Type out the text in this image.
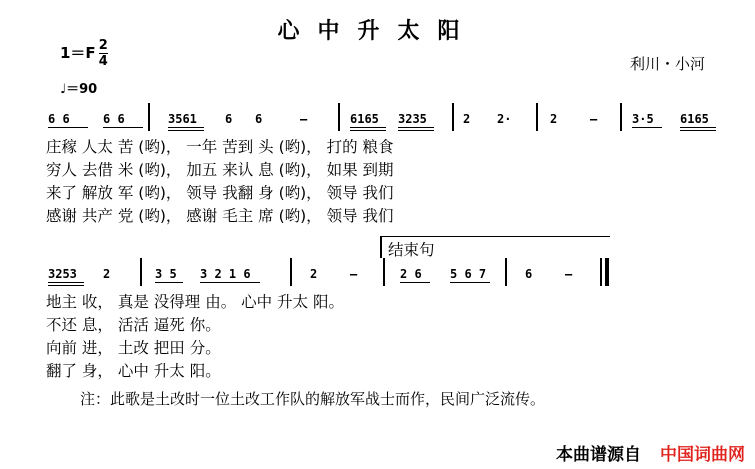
心中升太阳
$1=F \frac{2}{4}$
♩＝90
利川・小河
6 6	6 6	3561 6 6	—	6165 3235	2 2·	2	—	3·5 6165
庄稼 人太 苦 (哟)， 一年 苦到 头 (哟)， 打的 粮食
穷人 去借 米 (哟)， 加五 来认 息 (哟)， 如果 到期
来了 解放 军 (哟)， 领导 我翻 身 (哟)， 领导 我们
感谢 共产 党 (哟)， 感谢 毛主 席 (哟)， 领导 我们
结束句
3253 2	3 5 3 2 1 6	2	—	2 6 5 6 7	6	—
地主 收， 真是 没得理 由。 心中 升太 阳。
不还 息， 活活 逼死 你。
向前 进， 土改 把田 分。
翻了 身， 心中 升太 阳。
注：此歌是土改时一位土改工作队的解放军战士而作，民间广泛流传。
本曲谱源自 中国词曲网
